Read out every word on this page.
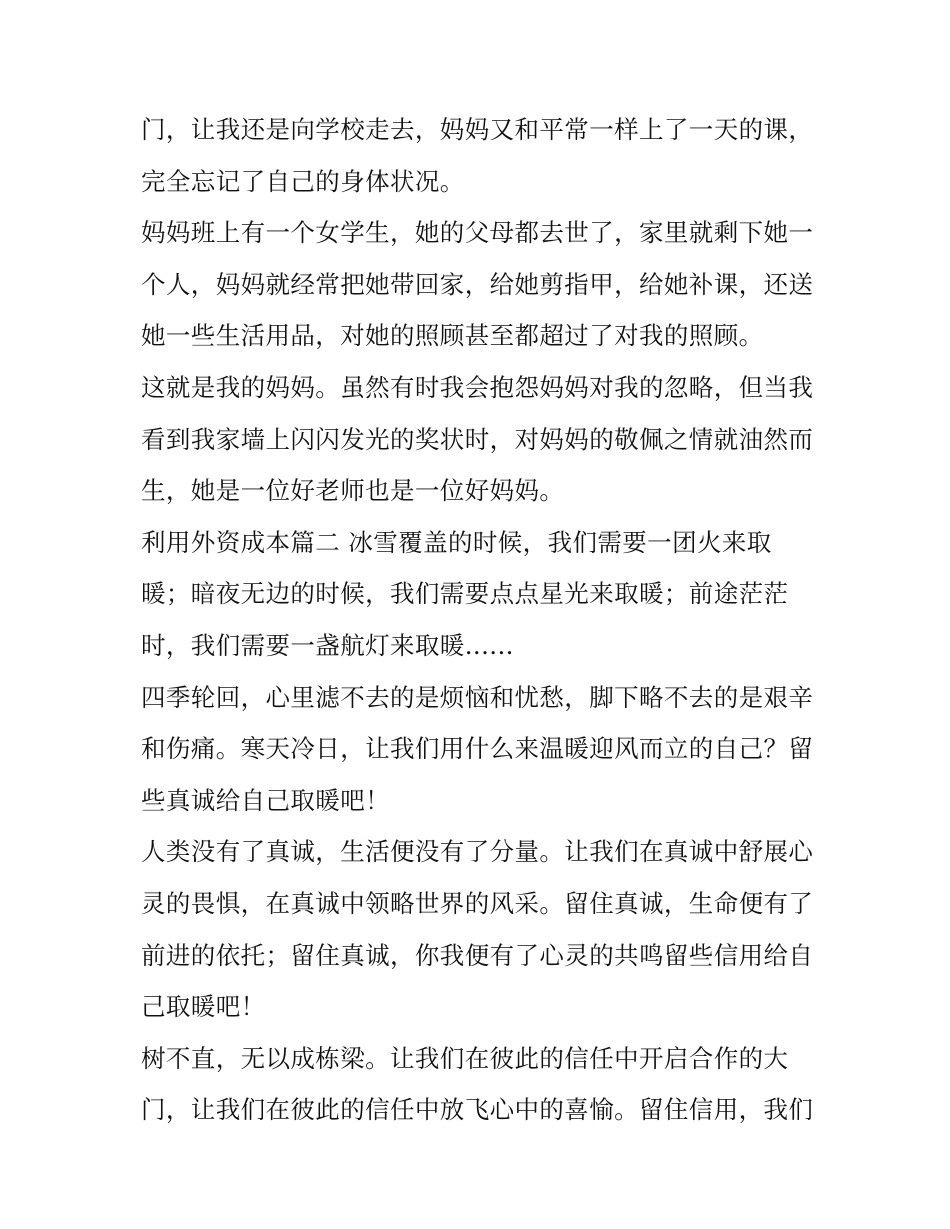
门，让我还是向学校走去，妈妈又和平常一样上了一天的课，
完全忘记了自己的身体状况。
妈妈班上有一个女学生，她的父母都去世了，家里就剩下她一
个人，妈妈就经常把她带回家，给她剪指甲，给她补课，还送
她一些生活用品，对她的照顾甚至都超过了对我的照顾。
这就是我的妈妈。虽然有时我会抱怨妈妈对我的忽略，但当我
看到我家墙上闪闪发光的奖状时，对妈妈的敬佩之情就油然而
生，她是一位好老师也是一位好妈妈。
利用外资成本篇二 冰雪覆盖的时候，我们需要一团火来取
暖；暗夜无边的时候，我们需要点点星光来取暖；前途茫茫
时，我们需要一盏航灯来取暖......
四季轮回，心里滤不去的是烦恼和忧愁，脚下略不去的是艰辛
和伤痛。寒天冷日，让我们用什么来温暖迎风而立的自己？留
些真诚给自己取暖吧！
人类没有了真诚，生活便没有了分量。让我们在真诚中舒展心
灵的畏惧，在真诚中领略世界的风采。留住真诚，生命便有了
前进的依托；留住真诚，你我便有了心灵的共鸣留些信用给自
己取暖吧！
树不直，无以成栋梁。让我们在彼此的信任中开启合作的大
门，让我们在彼此的信任中放飞心中的喜愉。留住信用，我们
